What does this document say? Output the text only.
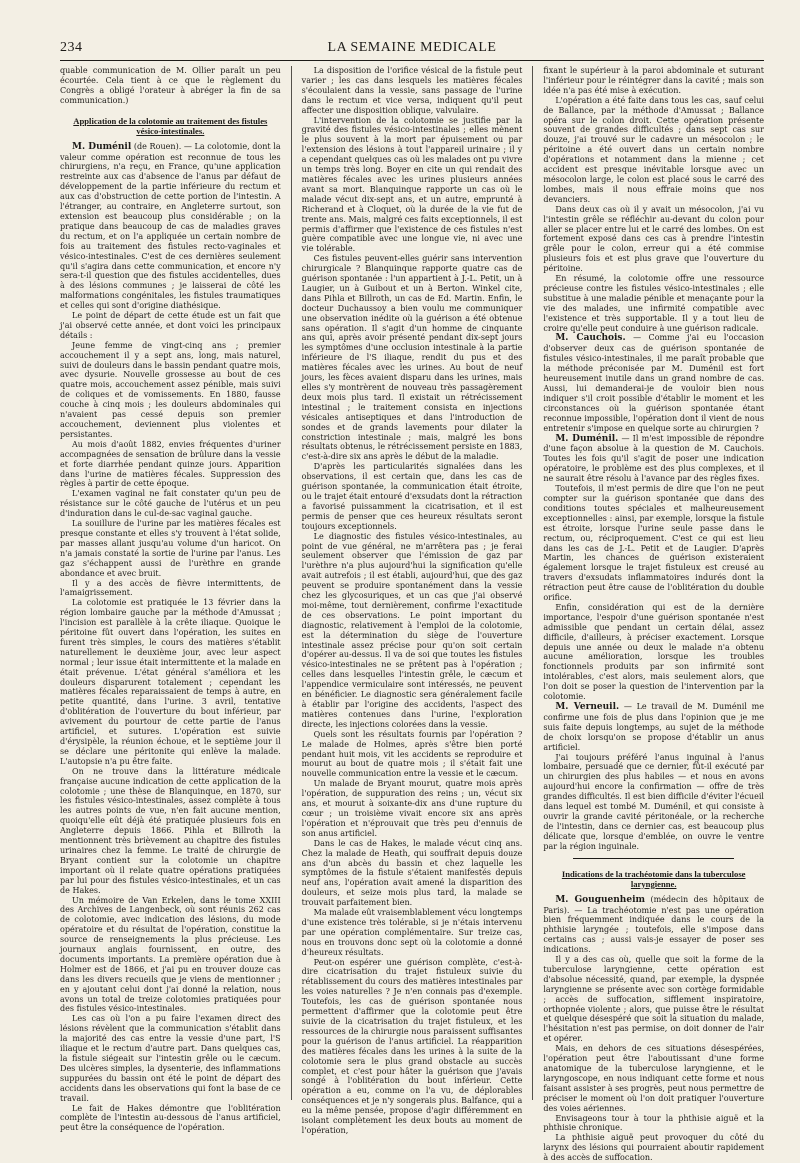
234	LA SEMAINE MEDICALE

quable communication de M. Ollier paraît un peu écourtée. Cela tient à ce que le règlement du Congrès a obligé l'orateur à abréger la fin de sa communication.)

Application de la colotomie au traitement des fistules vésico-intestinales.

M. Duménil (de Rouen). — La colotomie, dont la valeur comme opération est reconnue de tous les chirurgiens, n'a reçu, en France, qu'une application restreinte aux cas d'absence de l'anus par défaut de développement de la partie inférieure du rectum et aux cas d'obstruction de cette portion de l'intestin. A l'étranger, au contraire, en Angleterre surtout, son extension est beaucoup plus considérable ; on la pratique dans beaucoup de cas de maladies graves du rectum, et on l'a appliquée un certain nombre de fois au traitement des fistules recto-vaginales et vésico-intestinales. C'est de ces dernières seulement qu'il s'agira dans cette communication, et encore n'y sera-t-il question que des fistules accidentelles, dues à des lésions communes ; je laisserai de côté les malformations congénitales, les fistules traumatiques et celles qui sont d'origine diathésique.

Le point de départ de cette étude est un fait que j'ai observé cette année, et dont voici les principaux détails :

Jeune femme de vingt-cinq ans ; premier accouchement il y a sept ans, long, mais naturel, suivi de douleurs dans le bassin pendant quatre mois, avec dysurie. Nouvelle grossesse au bout de ces quatre mois, accouchement assez pénible, mais suivi de coliques et de vomissements. En 1880, fausse couche à cinq mois ; les douleurs abdominales qui n'avaient pas cessé depuis son premier accouchement, deviennent plus violentes et persistantes.

Au mois d'août 1882, envies fréquentes d'uriner accompagnées de sensation de brûlure dans la vessie et forte diarrhée pendant quinze jours. Apparition dans l'urine de matières fécales. Suppression des règles à partir de cette époque.

L'examen vaginal ne fait constater qu'un peu de résistance sur le côté gauche de l'utérus et un peu d'induration dans le cul-de-sac vaginal gauche.

La souillure de l'urine par les matières fécales est presque constante et elles s'y trouvent à l'état solide, par masses allant jusqu'au volume d'un haricot. On n'a jamais constaté la sortie de l'urine par l'anus. Les gaz s'échappent aussi de l'urèthre en grande abondance et avec bruit.

Il y a des accès de fièvre intermittents, de l'amaigrissement.

La colotomie est pratiquée le 13 février dans la région lombaire gauche par la méthode d'Amussat ; l'incision est parallèle à la crête iliaque. Quoique le péritoine fût ouvert dans l'opération, les suites en furent très simples, le cours des matières s'établit naturellement le deuxième jour, avec leur aspect normal ; leur issue était intermittente et la malade en était prévenue. L'état général s'améliora et les douleurs disparurent totalement ; cependant les matières fécales reparaissaient de temps à autre, en petite quantité, dans l'urine. 3 avril, tentative d'oblitération de l'ouverture du bout inférieur, par avivement du pourtour de cette partie de l'anus artificiel, et sutures. L'opération est suivie d'érysipèle, la réunion échoue, et le septième jour il se déclare une péritonite qui enlève la malade. L'autopsie n'a pu être faite.

On ne trouve dans la littérature médicale française aucune indication de cette application de la colotomie ; une thèse de Blanquinque, en 1870, sur les fistules vésico-intestinales, assez complète à tous les autres points de vue, n'en fait aucune mention, quoiqu'elle eût déjà été pratiquée plusieurs fois en Angleterre depuis 1866. Pihla et Billroth la mentionnent très brièvement au chapitre des fistules urinaires chez la femme. Le traité de chirurgie de Bryant contient sur la colotomie un chapitre important où il relate quatre opérations pratiquées par lui pour des fistules vésico-intestinales, et un cas de Hakes.

Un mémoire de Van Erkelen, dans le tome XXIII des Archives de Langenbeck, où sont réunis 262 cas de colotomie, avec indication des lésions, du mode opératoire et du résultat de l'opération, constitue la source de renseignements la plus précieuse. Les journaux anglais fournissent, en outre, des documents importants. La première opération due à Holmer est de 1866, et j'ai pu en trouver douze cas dans les divers recueils que je viens de mentionner ; en y ajoutant celui dont j'ai donné la relation, nous avons un total de treize colotomies pratiquées pour des fistules vésico-intestinales.

Les cas où l'on a pu faire l'examen direct des lésions révèlent que la communication s'établit dans la majorité des cas entre la vessie d'une part, l'S iliaque et le rectum d'autre part. Dans quelques cas, la fistule siégeait sur l'intestin grêle ou le cæcum. Des ulcères simples, la dysenterie, des inflammations suppurées du bassin ont été le point de départ des accidents dans les observations qui font la base de ce travail.

Le fait de Hakes démontre que l'oblitération complète de l'intestin au-dessous de l'anus artificiel, peut être la conséquence de l'opération.

La disposition de l'orifice vésical de la fistule peut varier ; les cas dans lesquels les matières fécales s'écoulaient dans la vessie, sans passage de l'urine dans le rectum et vice versa, indiquent qu'il peut affecter une disposition oblique, valvulaire.

L'intervention de la colotomie se justifie par la gravité des fistules vésico-intestinales ; elles mènent le plus souvent à la mort par épuisement ou par l'extension des lésions à tout l'appareil urinaire ; il y a cependant quelques cas où les malades ont pu vivre un temps très long. Boyer en cite un qui rendait des matières fécales avec les urines plusieurs années avant sa mort. Blanquinque rapporte un cas où le malade vécut dix-sept ans, et un autre, emprunté à Richerand et à Cloquet, où la durée de la vie fut de trente ans. Mais, malgré ces faits exceptionnels, il est permis d'affirmer que l'existence de ces fistules n'est guère compatible avec une longue vie, ni avec une vie tolérable.

Ces fistules peuvent-elles guérir sans intervention chirurgicale ? Blanquinque rapporte quatre cas de guérison spontanée : l'un appartient à J.-L. Petit, un à Laugier, un à Guibout et un à Berton. Winkel cite, dans Pihla et Billroth, un cas de Ed. Martin. Enfin, le docteur Duchaussoy a bien voulu me communiquer une observation inédite où la guérison a été obtenue sans opération. Il s'agit d'un homme de cinquante ans qui, après avoir présenté pendant dix-sept jours les symptômes d'une occlusion intestinale à la partie inférieure de l'S iliaque, rendit du pus et des matières fécales avec les urines. Au bout de neuf jours, les fèces avaient disparu dans les urines, mais elles s'y montrèrent de nouveau très passagèrement deux mois plus tard. Il existait un rétrécissement intestinal ; le traitement consista en injections vésicales antiseptiques et dans l'introduction de sondes et de grands lavements pour dilater la constriction intestinale ; mais, malgré les bons résultats obtenus, le rétrécissement persiste en 1883, c'est-à-dire six ans après le début de la maladie.

D'après les particularités signalées dans les observations, il est certain que, dans les cas de guérison spontanée, la communication était étroite, ou le trajet était entouré d'exsudats dont la rétraction a favorisé puissamment la cicatrisation, et il est permis de penser que ces heureux résultats seront toujours exceptionnels.

Le diagnostic des fistules vésico-intestinales, au point de vue général, ne m'arrêtera pas ; je ferai seulement observer que l'émission de gaz par l'urèthre n'a plus aujourd'hui la signification qu'elle avait autrefois ; il est établi, aujourd'hui, que des gaz peuvent se produire spontanément dans la vessie chez les glycosuriques, et un cas que j'ai observé moi-même, tout dernièrement, confirme l'exactitude de ces observations. Le point important du diagnostic, relativement à l'emploi de la colotomie, est la détermination du siège de l'ouverture intestinale assez précise pour qu'on soit certain d'opérer au-dessus. Il va de soi que toutes les fistules vésico-intestinales ne se prêtent pas à l'opération ; celles dans lesquelles l'intestin grêle, le cæcum et l'appendice vermiculaire sont intéressés, ne peuvent en bénéficier. Le diagnostic sera généralement facile à établir par l'origine des accidents, l'aspect des matières contenues dans l'urine, l'exploration directe, les injections colorées dans la vessie.

Quels sont les résultats fournis par l'opération ? Le malade de Holmes, après s'être bien porté pendant huit mois, vit les accidents se reproduire et mourut au bout de quatre mois ; il s'était fait une nouvelle communication entre la vessie et le cæcum.

Un malade de Bryant mourut, quatre mois après l'opération, de suppuration des reins ; un, vécut six ans, et mourut à soixante-dix ans d'une rupture du cœur ; un troisième vivait encore six ans après l'opération et n'éprouvait que très peu d'ennuis de son anus artificiel.

Dans le cas de Hakes, le malade vécut cinq ans. Chez la malade de Heath, qui souffrait depuis douze ans d'un abcès du bassin et chez laquelle les symptômes de la fistule s'étaient manifestés depuis neuf ans, l'opération avait amené la disparition des douleurs, et seize mois plus tard, la malade se trouvait parfaitement bien.

Ma malade eût vraisemblablement vécu longtemps d'une existence très tolérable, si je n'étais intervenu par une opération complémentaire. Sur treize cas, nous en trouvons donc sept où la colotomie a donné d'heureux résultats.

Peut-on espérer une guérison complète, c'est-à-dire cicatrisation du trajet fistuleux suivie du rétablissement du cours des matières intestinales par les voies naturelles ? Je n'en connais pas d'exemple. Toutefois, les cas de guérison spontanée nous permettent d'affirmer que la colotomie peut être suivie de la cicatrisation du trajet fistuleux, et les ressources de la chirurgie nous paraissent suffisantes pour la guérison de l'anus artificiel. La réapparition des matières fécales dans les urines à la suite de la colotomie sera le plus grand obstacle au succès complet, et c'est pour hâter la guérison que j'avais songé à l'oblitération du bout inférieur. Cette opération a eu, comme on l'a vu, de déplorables conséquences et je n'y songerais plus. Balfance, qui a eu la même pensée, propose d'agir différemment en isolant complètement les deux bouts au moment de l'opération,

fixant le supérieur à la paroi abdominale et suturant l'inférieur pour le réintégrer dans la cavité ; mais son idée n'a pas été mise à exécution.

L'opération a été faite dans tous les cas, sauf celui de Ballance, par la méthode d'Amussat ; Ballance opéra sur le colon droit. Cette opération présente souvent de grandes difficultés ; dans sept cas sur douze, j'ai trouvé sur le cadavre un mésocolon ; le péritoine a été ouvert dans un certain nombre d'opérations et notamment dans la mienne ; cet accident est presque inévitable lorsque avec un mésocolon large, le colon est placé sous le carré des lombes, mais il nous effraie moins que nos devanciers.

Dans deux cas où il y avait un mésocolon, j'ai vu l'intestin grêle se réfléchir au-devant du colon pour aller se placer entre lui et le carré des lombes. On est fortement exposé dans ces cas à prendre l'intestin grêle pour le colon, erreur qui a été commise plusieurs fois et est plus grave que l'ouverture du péritoine.

En résumé, la colotomie offre une ressource précieuse contre les fistules vésico-intestinales ; elle substitue à une maladie pénible et menaçante pour la vie des malades, une infirmité compatible avec l'existence et très supportable. Il y a tout lieu de croire qu'elle peut conduire à une guérison radicale.

M. Cauchois. — Comme j'ai eu l'occasion d'observer deux cas de guérison spontanée de fistules vésico-intestinales, il me paraît probable que la méthode préconisée par M. Duménil est fort heureusement inutile dans un grand nombre de cas. Aussi, lui demanderai-je de vouloir bien nous indiquer s'il croit possible d'établir le moment et les circonstances où la guérison spontanée étant reconnue impossible, l'opération dont il vient de nous entretenir s'impose en quelque sorte au chirurgien ?

M. Duménil. — Il m'est impossible de répondre d'une façon absolue à la question de M. Cauchois. Toutes les fois qu'il s'agit de poser une indication opératoire, le problème est des plus complexes, et il ne saurait être résolu à l'avance par des règles fixes.

Toutefois, il m'est permis de dire que l'on ne peut compter sur la guérison spontanée que dans des conditions toutes spéciales et malheureusement exceptionnelles : ainsi, par exemple, lorsque la fistule est étroite, lorsque l'urine seule passe dans le rectum, ou, réciproquement. C'est ce qui est lieu dans les cas de J.-L. Petit et de Laugier. D'après Martin, les chances de guérison existeraient également lorsque le trajet fistuleux est creusé au travers d'exsudats inflammatoires indurés dont la rétraction peut être cause de l'oblitération du double orifice.

Enfin, considération qui est de la dernière importance, l'espoir d'une guérison spontanée n'est admissible que pendant un certain délai, assez difficile, d'ailleurs, à préciser exactement. Lorsque depuis une année ou deux le malade n'a obtenu aucune amélioration, lorsque les troubles fonctionnels produits par son infirmité sont intolérables, c'est alors, mais seulement alors, que l'on doit se poser la question de l'intervention par la colotomie.

M. Verneuil. — Le travail de M. Duménil me confirme une fois de plus dans l'opinion que je me suis faite depuis longtemps, au sujet de la méthode de choix lorsqu'on se propose d'établir un anus artificiel.

J'ai toujours préféré l'anus inguinal à l'anus lombaire, persuadé que ce dernier, fût-il exécuté par un chirurgien des plus habiles — et nous en avons aujourd'hui encore la confirmation — offre de très grandes difficultés. Il est bien difficile d'éviter l'écueil dans lequel est tombé M. Duménil, et qui consiste à ouvrir la grande cavité péritonéale, or la recherche de l'intestin, dans ce dernier cas, est beaucoup plus délicate que, lorsque d'emblée, on ouvre le ventre par la région inguinale.

Indications de la trachéotomie dans la tuberculose laryngienne.

M. Gouguenheim (médecin des hôpitaux de Paris). — La trachéotomie n'est pas une opération bien fréquemment indiquée dans le cours de la phthisie laryngée ; toutefois, elle s'impose dans certains cas ; aussi vais-je essayer de poser ses indications.

Il y a des cas où, quelle que soit la forme de la tuberculose laryngienne, cette opération est d'absolue nécessité, quand, par exemple, la dyspnée laryngienne se présente avec son cortège formidable ; accès de suffocation, sifflement inspiratoire, orthopnée violente ; alors, que puisse être le résultat et quelque désespéré que soit la situation du malade, l'hésitation n'est pas permise, on doit donner de l'air et opérer.

Mais, en dehors de ces situations désespérées, l'opération peut être l'aboutissant d'une forme anatomique de la tuberculose laryngienne, et le laryngoscope, en nous indiquant cette forme et nous faisant assister à ses progrès, peut nous permettre de préciser le moment où l'on doit pratiquer l'ouverture des voies aériennes.

Envisageons tour à tour la phthisie aiguë et la phthisie chronique.

La phthisie aiguë peut provoquer du côté du larynx des lésions qui pourraient aboutir rapidement à des accès de suffocation.
